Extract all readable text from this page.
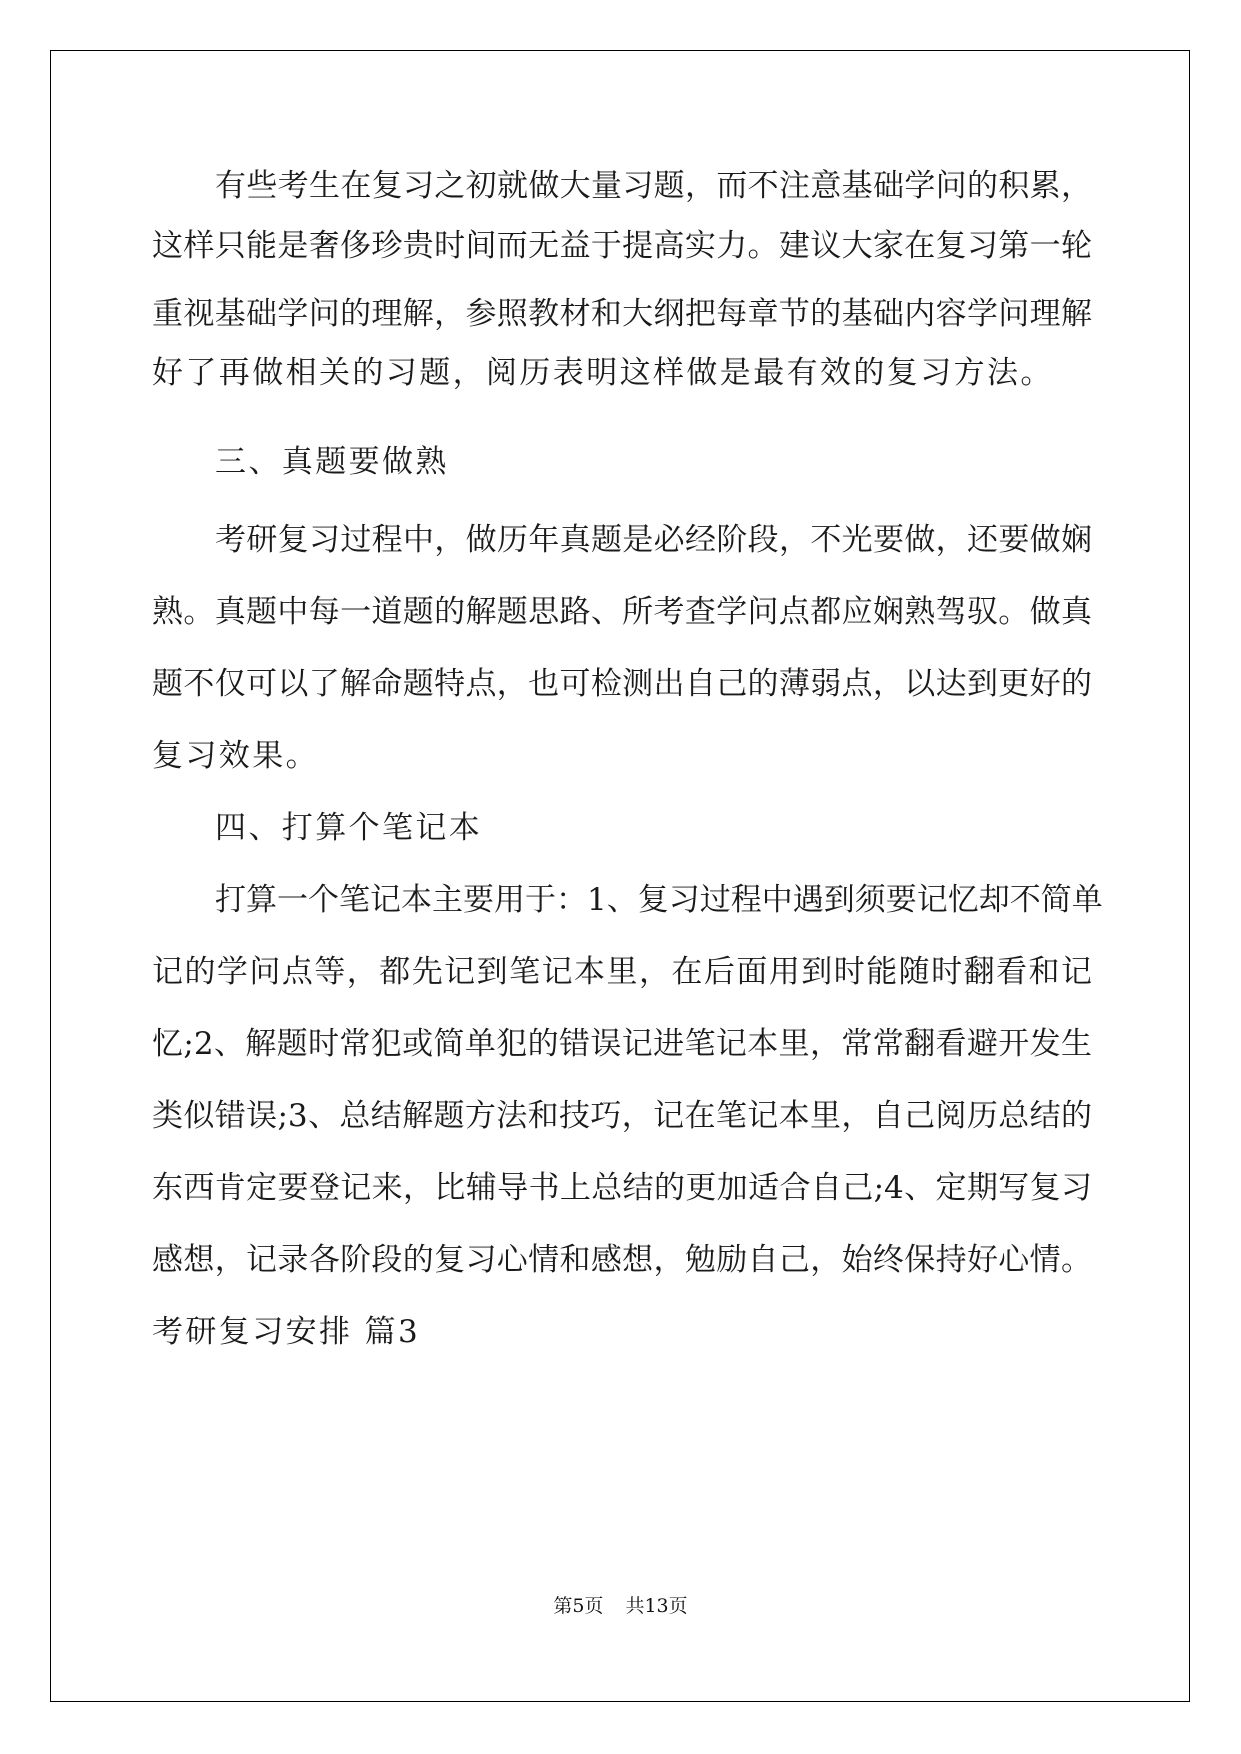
有些考生在复习之初就做大量习题，而不注意基础学问的积累，
这样只能是奢侈珍贵时间而无益于提高实力。建议大家在复习第一轮
重视基础学问的理解，参照教材和大纲把每章节的基础内容学问理解
好了再做相关的习题，阅历表明这样做是最有效的复习方法。
三、真题要做熟
考研复习过程中，做历年真题是必经阶段，不光要做，还要做娴
熟。真题中每一道题的解题思路、所考查学问点都应娴熟驾驭。做真
题不仅可以了解命题特点，也可检测出自己的薄弱点，以达到更好的
复习效果。
四、打算个笔记本
打算一个笔记本主要用于：1、复习过程中遇到须要记忆却不简单
记的学问点等，都先记到笔记本里，在后面用到时能随时翻看和记
忆;2、解题时常犯或简单犯的错误记进笔记本里，常常翻看避开发生
类似错误;3、总结解题方法和技巧，记在笔记本里，自己阅历总结的
东西肯定要登记来，比辅导书上总结的更加适合自己;4、定期写复习
感想，记录各阶段的复习心情和感想，勉励自己，始终保持好心情。
考研复习安排 篇3
第5页 共13页
